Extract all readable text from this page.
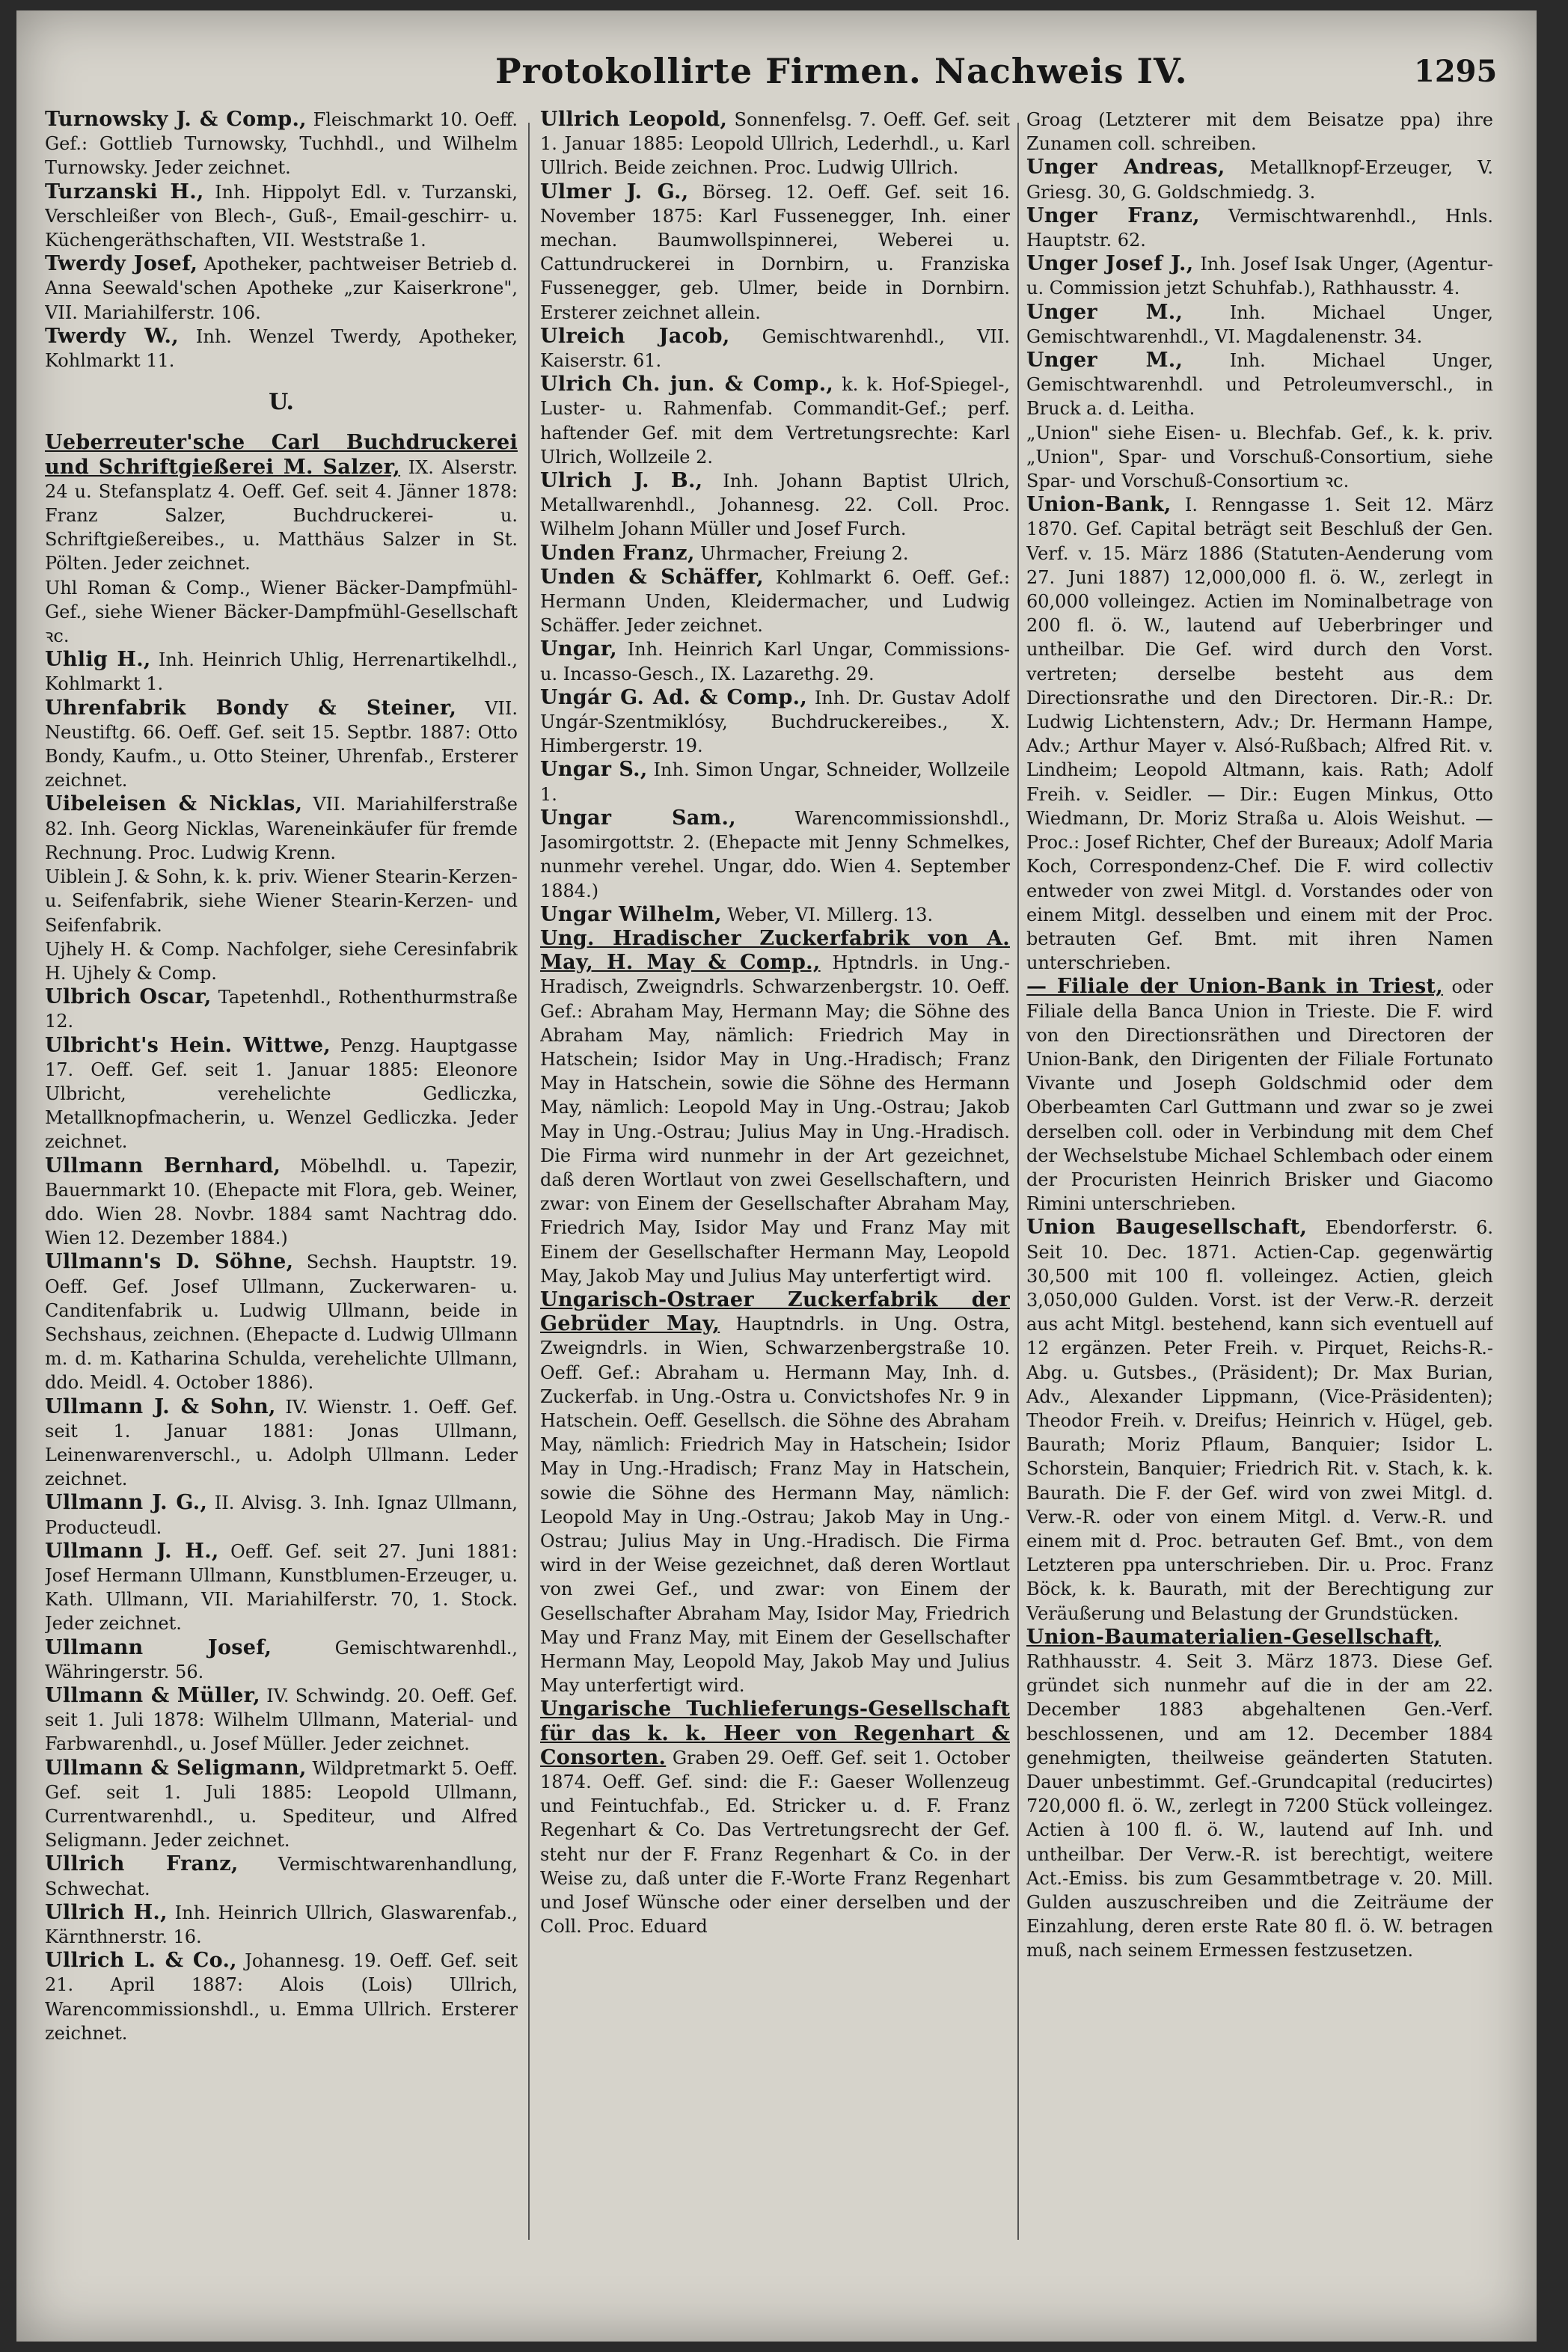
Protokollirte Firmen. Nachweis IV.	1295

Turnowsky J. & Comp., Fleischmarkt 10. Oeff. Gef.: Gottlieb Turnowsky, Tuchhdl., und Wilhelm Turnowsky. Jeder zeichnet.

Turzanski H., Inh. Hippolyt Edl. v. Turzanski, Verschleißer von Blech-, Guß-, Email-geschirr- u. Küchengeräthschaften, VII. Weststraße 1.

Twerdy Josef, Apotheker, pachtweiser Betrieb d. Anna Seewald'schen Apotheke „zur Kaiserkrone", VII. Mariahilferstr. 106.

Twerdy W., Inh. Wenzel Twerdy, Apotheker, Kohlmarkt 11.

U.

Ueberreuter'sche Carl Buchdruckerei und Schriftgießerei M. Salzer, IX. Alserstr. 24 u. Stefansplatz 4. Oeff. Gef. seit 4. Jänner 1878: Franz Salzer, Buchdruckerei- u. Schriftgießereibes., u. Matthäus Salzer in St. Pölten. Jeder zeichnet.

Uhl Roman & Comp., Wiener Bäcker-Dampfmühl-Gef., siehe Wiener Bäcker-Dampfmühl-Gesellschaft ꝛc.

Uhlig H., Inh. Heinrich Uhlig, Herrenartikelhdl., Kohlmarkt 1.

Uhrenfabrik Bondy & Steiner, VII. Neustiftg. 66. Oeff. Gef. seit 15. Septbr. 1887: Otto Bondy, Kaufm., u. Otto Steiner, Uhrenfab., Ersterer zeichnet.

Uibeleisen & Nicklas, VII. Mariahilferstraße 82. Inh. Georg Nicklas, Wareneinkäufer für fremde Rechnung. Proc. Ludwig Krenn.

Uiblein J. & Sohn, k. k. priv. Wiener Stearin-Kerzen- u. Seifenfabrik, siehe Wiener Stearin-Kerzen- und Seifenfabrik.

Ujhely H. & Comp. Nachfolger, siehe Ceresinfabrik H. Ujhely & Comp.

Ulbrich Oscar, Tapetenhdl., Rothenthurmstraße 12.

Ulbricht's Hein. Wittwe, Penzg. Hauptgasse 17. Oeff. Gef. seit 1. Januar 1885: Eleonore Ulbricht, verehelichte Gedliczka, Metallknopfmacherin, u. Wenzel Gedliczka. Jeder zeichnet.

Ullmann Bernhard, Möbelhdl. u. Tapezir, Bauernmarkt 10. (Ehepacte mit Flora, geb. Weiner, ddo. Wien 28. Novbr. 1884 samt Nachtrag ddo. Wien 12. Dezember 1884.)

Ullmann's D. Söhne, Sechsh. Hauptstr. 19. Oeff. Gef. Josef Ullmann, Zuckerwaren- u. Canditenfabrik u. Ludwig Ullmann, beide in Sechshaus, zeichnen. (Ehepacte d. Ludwig Ullmann m. d. m. Katharina Schulda, verehelichte Ullmann, ddo. Meidl. 4. October 1886).

Ullmann J. & Sohn, IV. Wienstr. 1. Oeff. Gef. seit 1. Januar 1881: Jonas Ullmann, Leinenwarenverschl., u. Adolph Ullmann. Leder zeichnet.

Ullmann J. G., II. Alvisg. 3. Inh. Ignaz Ullmann, Producteudl.

Ullmann J. H., Oeff. Gef. seit 27. Juni 1881: Josef Hermann Ullmann, Kunstblumen-Erzeuger, u. Kath. Ullmann, VII. Mariahilferstr. 70, 1. Stock. Jeder zeichnet.

Ullmann Josef,	Gemischtwarenhdl., Währingerstr. 56.

Ullmann & Müller, IV. Schwindg. 20. Oeff. Gef. seit 1. Juli 1878: Wilhelm Ullmann, Material- und Farbwarenhdl., u. Josef Müller. Jeder zeichnet.

Ullmann & Seligmann, Wildpretmarkt 5. Oeff. Gef. seit 1. Juli 1885: Leopold Ullmann, Currentwarenhdl., u. Spediteur, und Alfred Seligmann. Jeder zeichnet.

Ullrich Franz, Vermischtwarenhandlung, Schwechat.

Ullrich H., Inh. Heinrich Ullrich, Glaswarenfab., Kärnthnerstr. 16.

Ullrich L. & Co., Johannesg. 19. Oeff. Gef. seit 21. April 1887: Alois (Lois) Ullrich, Warencommissionshdl., u. Emma Ullrich. Ersterer zeichnet.

Ullrich Leopold, Sonnenfelsg. 7. Oeff. Gef. seit 1. Januar 1885: Leopold Ullrich, Lederhdl., u. Karl Ullrich. Beide zeichnen. Proc. Ludwig Ullrich.

Ulmer J. G., Börseg. 12. Oeff. Gef. seit 16. November 1875: Karl Fussenegger, Inh. einer mechan. Baumwollspinnerei, Weberei u. Cattundruckerei in Dornbirn, u. Franziska Fussenegger, geb. Ulmer, beide in Dornbirn. Ersterer zeichnet allein.

Ulreich Jacob, Gemischtwarenhdl., VII. Kaiserstr. 61.

Ulrich Ch. jun. & Comp., k. k. Hof-Spiegel-, Luster- u. Rahmenfab. Commandit-Gef.; perf. haftender Gef. mit dem Vertretungsrechte: Karl Ulrich, Wollzeile 2.

Ulrich J. B., Inh. Johann Baptist Ulrich, Metallwarenhdl., Johannesg. 22. Coll. Proc. Wilhelm Johann Müller und Josef Furch.

Unden Franz, Uhrmacher, Freiung 2.

Unden & Schäffer, Kohlmarkt 6. Oeff. Gef.: Hermann Unden, Kleidermacher, und Ludwig Schäffer. Jeder zeichnet.

Ungar, Inh. Heinrich Karl Ungar, Commissions- u. Incasso-Gesch., IX. Lazarethg. 29.

Ungár G. Ad. & Comp., Inh. Dr. Gustav Adolf Ungár-Szentmiklósy, Buchdruckereibes., X. Himbergerstr. 19.

Ungar S., Inh. Simon Ungar, Schneider, Wollzeile 1.

Ungar Sam.,	Warencommissionshdl., Jasomirgottstr. 2. (Ehepacte mit Jenny Schmelkes, nunmehr verehel. Ungar, ddo. Wien 4. September 1884.)

Ungar Wilhelm, Weber, VI. Millerg. 13.

Ung. Hradischer Zuckerfabrik von A. May, H. May & Comp., Hptndrls. in Ung.-Hradisch, Zweigndrls. Schwarzenbergstr. 10. Oeff. Gef.: Abraham May, Hermann May; die Söhne des Abraham May, nämlich: Friedrich May in Hatschein; Isidor May in Ung.-Hradisch; Franz May in Hatschein, sowie die Söhne des Hermann May, nämlich: Leopold May in Ung.-Ostrau; Jakob May in Ung.-Ostrau; Julius May in Ung.-Hradisch. Die Firma wird nunmehr in der Art gezeichnet, daß deren Wortlaut von zwei Gesellschaftern, und zwar: von Einem der Gesellschafter Abraham May, Friedrich May, Isidor May und Franz May mit Einem der Gesellschafter Hermann May, Leopold May, Jakob May und Julius May unterfertigt wird.

Ungarisch-Ostraer Zuckerfabrik der Gebrüder May, Hauptndrls. in Ung. Ostra, Zweigndrls. in Wien, Schwarzenbergstraße 10. Oeff. Gef.: Abraham u. Hermann May, Inh. d. Zuckerfab. in Ung.-Ostra u. Convictshofes Nr. 9 in Hatschein. Oeff. Gesellsch. die Söhne des Abraham May, nämlich: Friedrich May in Hatschein; Isidor May in Ung.-Hradisch; Franz May in Hatschein, sowie die Söhne des Hermann May, nämlich: Leopold May in Ung.-Ostrau; Jakob May in Ung.-Ostrau; Julius May in Ung.-Hradisch. Die Firma wird in der Weise gezeichnet, daß deren Wortlaut von zwei Gef., und zwar: von Einem der Gesellschafter Abraham May, Isidor May, Friedrich May und Franz May, mit Einem der Gesellschafter Hermann May, Leopold May, Jakob May und Julius May unterfertigt wird.

Ungarische Tuchlieferungs-Gesellschaft für das k. k. Heer von Regenhart & Consorten. Graben 29. Oeff. Gef. seit 1. October 1874. Oeff. Gef. sind: die F.: Gaeser Wollenzeug und Feintuchfab., Ed. Stricker u. d. F. Franz Regenhart & Co. Das Vertretungsrecht der Gef. steht nur der F. Franz Regenhart & Co. in der Weise zu, daß unter die F.-Worte Franz Regenhart und Josef Wünsche oder einer derselben und der Coll. Proc. Eduard

Groag (Letzterer mit dem Beisatze ppa) ihre Zunamen coll. schreiben.

Unger Andreas, Metallknopf-Erzeuger, V. Griesg. 30, G. Goldschmiedg. 3.

Unger Franz, Vermischtwarenhdl., Hnls. Hauptstr. 62.

Unger Josef J., Inh. Josef Isak Unger, (Agentur- u. Commission jetzt Schuhfab.), Rathhausstr. 4.

Unger M.,	Inh. Michael Unger, Gemischtwarenhdl., VI. Magdalenenstr. 34.

Unger M.,	Inh. Michael Unger, Gemischtwarenhdl. und Petroleumverschl., in Bruck a. d. Leitha.

„Union" siehe Eisen- u. Blechfab. Gef., k. k. priv. „Union", Spar- und Vorschuß-Consortium, siehe Spar- und Vorschuß-Consortium ꝛc.

Union-Bank, I. Renngasse 1. Seit 12. März 1870. Gef. Capital beträgt seit Beschluß der Gen. Verf. v. 15. März 1886 (Statuten-Aenderung vom 27. Juni 1887) 12,000,000 fl. ö. W., zerlegt in 60,000 volleingez. Actien im Nominalbetrage von 200 fl. ö. W., lautend auf Ueberbringer und untheilbar. Die Gef. wird durch den Vorst. vertreten; derselbe besteht aus dem Directionsrathe und den Directoren. Dir.-R.: Dr. Ludwig Lichtenstern, Adv.; Dr. Hermann Hampe, Adv.; Arthur Mayer v. Alsó-Rußbach; Alfred Rit. v. Lindheim; Leopold Altmann, kais. Rath; Adolf Freih. v. Seidler. — Dir.: Eugen Minkus, Otto Wiedmann, Dr. Moriz Straßa u. Alois Weishut. — Proc.: Josef Richter, Chef der Bureaux; Adolf Maria Koch, Correspondenz-Chef. Die F. wird collectiv entweder von zwei Mitgl. d. Vorstandes oder von einem Mitgl. desselben und einem mit der Proc. betrauten Gef. Bmt. mit ihren Namen unterschrieben.

— Filiale der Union-Bank in Triest, oder Filiale della Banca Union in Trieste. Die F. wird von den Directionsräthen und Directoren der Union-Bank, den Dirigenten der Filiale Fortunato Vivante und Joseph Goldschmid oder dem Oberbeamten Carl Guttmann und zwar so je zwei derselben coll. oder in Verbindung mit dem Chef der Wechselstube Michael Schlembach oder einem der Procuristen Heinrich Brisker und Giacomo Rimini unterschrieben.

Union Baugesellschaft, Ebendorferstr. 6. Seit 10. Dec. 1871. Actien-Cap. gegenwärtig 30,500 mit 100 fl. volleingez. Actien, gleich 3,050,000 Gulden. Vorst. ist der Verw.-R. derzeit aus acht Mitgl. bestehend, kann sich eventuell auf 12 ergänzen. Peter Freih. v. Pirquet, Reichs-R.-Abg. u. Gutsbes., (Präsident); Dr. Max Burian, Adv., Alexander Lippmann, (Vice-Präsidenten); Theodor Freih. v. Dreifus; Heinrich v. Hügel, geb. Baurath; Moriz Pflaum, Banquier; Isidor L. Schorstein, Banquier; Friedrich Rit. v. Stach, k. k. Baurath. Die F. der Gef. wird von zwei Mitgl. d. Verw.-R. oder von einem Mitgl. d. Verw.-R. und einem mit d. Proc. betrauten Gef. Bmt., von dem Letzteren ppa unterschrieben. Dir. u. Proc. Franz Böck, k. k. Baurath, mit der Berechtigung zur Veräußerung und Belastung der Grundstücken.

Union-Baumaterialien-Gesellschaft, Rathhausstr. 4. Seit 3. März 1873. Diese Gef. gründet sich nunmehr auf die in der am 22. December 1883 abgehaltenen Gen.-Verf. beschlossenen, und am 12. December 1884 genehmigten, theilweise geänderten Statuten. Dauer unbestimmt. Gef.-Grundcapital (reducirtes) 720,000 fl. ö. W., zerlegt in 7200 Stück volleingez. Actien à 100 fl. ö. W., lautend auf Inh. und untheilbar. Der Verw.-R. ist berechtigt, weitere Act.-Emiss. bis zum Gesammtbetrage v. 20. Mill. Gulden auszuschreiben und die Zeiträume der Einzahlung, deren erste Rate 80 fl. ö. W. betragen muß, nach seinem Ermessen festzusetzen.
